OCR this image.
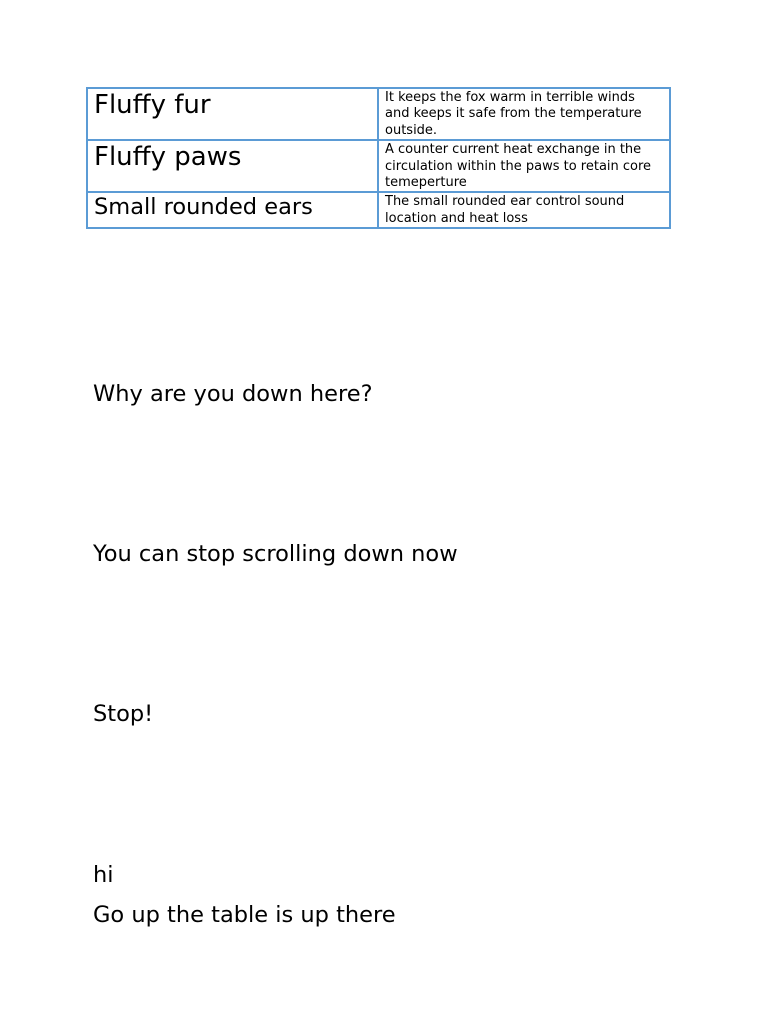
Fluffy fur	It keeps the fox warm in terrible winds and keeps it safe from the temperature outside.
Fluffy paws	A counter current heat exchange in the circulation within the paws to retain core temeperture
Small rounded ears	The small rounded ear control sound location and heat loss

Why are you down here?

You can stop scrolling down now

Stop!

hi

Go up the table is up there
